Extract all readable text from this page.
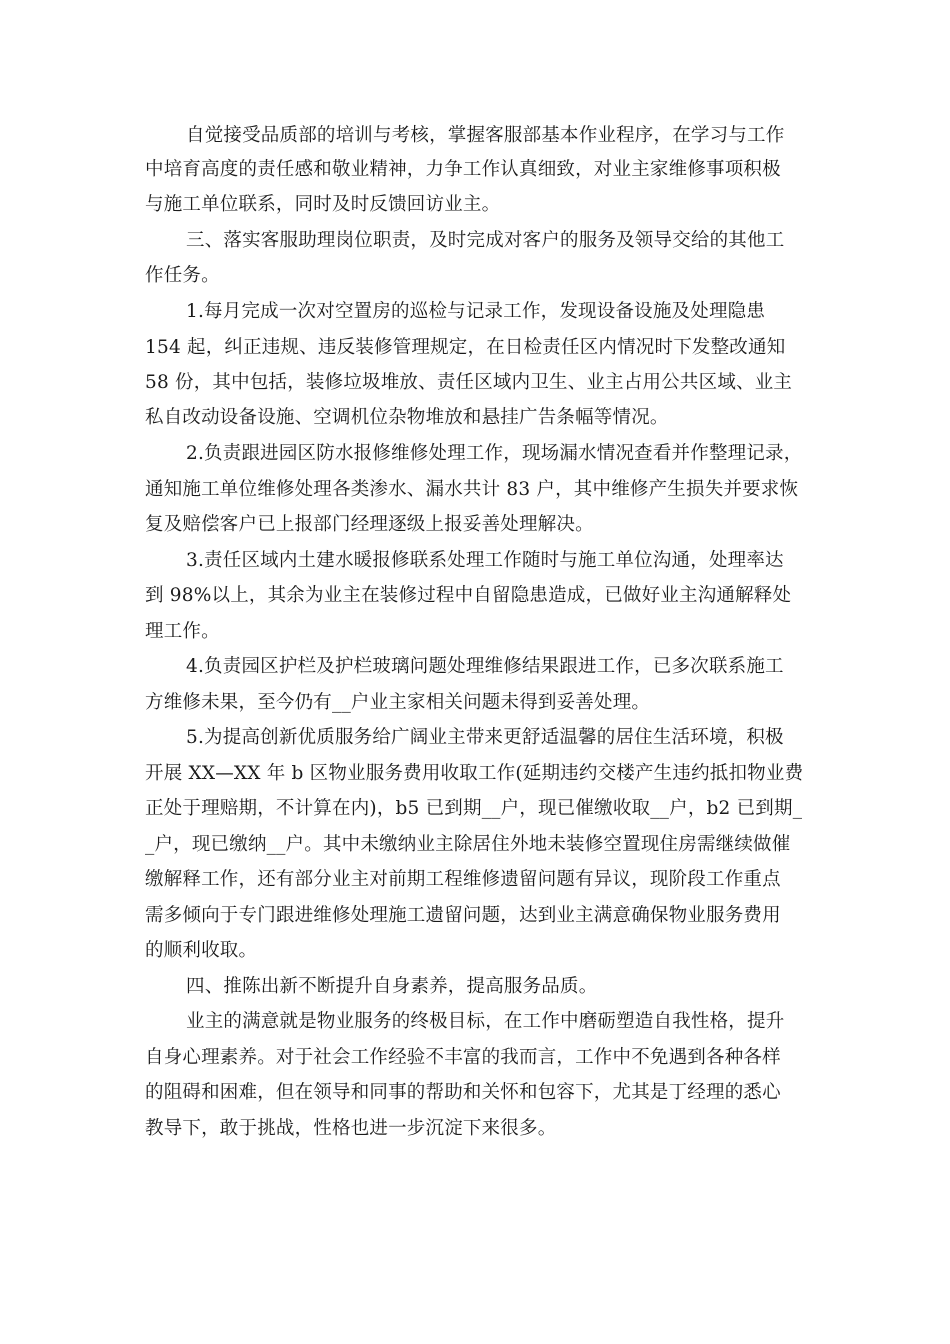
自觉接受品质部的培训与考核，掌握客服部基本作业程序，在学习与工作
中培育高度的责任感和敬业精神，力争工作认真细致，对业主家维修事项积极
与施工单位联系，同时及时反馈回访业主。
三、落实客服助理岗位职责，及时完成对客户的服务及领导交给的其他工
作任务。
1.每月完成一次对空置房的巡检与记录工作，发现设备设施及处理隐患
154 起，纠正违规、违反装修管理规定，在日检责任区内情况时下发整改通知
58 份，其中包括，装修垃圾堆放、责任区域内卫生、业主占用公共区域、业主
私自改动设备设施、空调机位杂物堆放和悬挂广告条幅等情况。
2.负责跟进园区防水报修维修处理工作，现场漏水情况查看并作整理记录，
通知施工单位维修处理各类渗水、漏水共计 83 户，其中维修产生损失并要求恢
复及赔偿客户已上报部门经理逐级上报妥善处理解决。
3.责任区域内土建水暖报修联系处理工作随时与施工单位沟通，处理率达
到 98%以上，其余为业主在装修过程中自留隐患造成，已做好业主沟通解释处
理工作。
4.负责园区护栏及护栏玻璃问题处理维修结果跟进工作，已多次联系施工
方维修未果，至今仍有__户业主家相关问题未得到妥善处理。
5.为提高创新优质服务给广阔业主带来更舒适温馨的居住生活环境，积极
开展 XX—XX 年 b 区物业服务费用收取工作(延期违约交楼产生违约抵扣物业费
正处于理赔期，不计算在内)，b5 已到期__户，现已催缴收取__户，b2 已到期_
_户，现已缴纳__户。其中未缴纳业主除居住外地未装修空置现住房需继续做催
缴解释工作，还有部分业主对前期工程维修遗留问题有异议，现阶段工作重点
需多倾向于专门跟进维修处理施工遗留问题，达到业主满意确保物业服务费用
的顺利收取。
四、推陈出新不断提升自身素养，提高服务品质。
业主的满意就是物业服务的终极目标，在工作中磨砺塑造自我性格，提升
自身心理素养。对于社会工作经验不丰富的我而言，工作中不免遇到各种各样
的阻碍和困难，但在领导和同事的帮助和关怀和包容下，尤其是丁经理的悉心
教导下，敢于挑战，性格也进一步沉淀下来很多。
